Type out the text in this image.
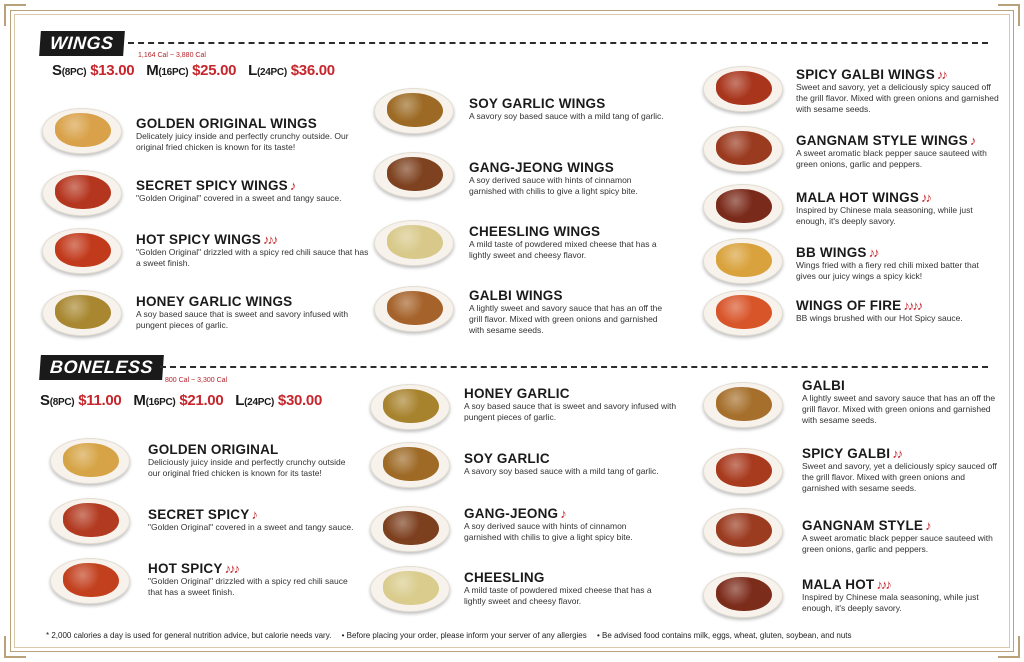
WINGS
1,164 Cal ~ 3,880 Cal
S(8PC) $13.00 M(16PC) $25.00 L(24PC) $36.00
BONELESS
800 Cal ~ 3,300 Cal
S(8PC) $11.00 M(16PC) $21.00 L(24PC) $30.00
GOLDEN ORIGINAL WINGS
Delicately juicy inside and perfectly crunchy outside. Our original fried chicken is known for its taste!
SECRET SPICY WINGS ♪
"Golden Original" covered in a sweet and tangy sauce.
HOT SPICY WINGS ♪♪♪
"Golden Original" drizzled with a spicy red chili sauce that has a sweet finish.
HONEY GARLIC WINGS
A soy based sauce that is sweet and savory infused with pungent pieces of garlic.
SOY GARLIC WINGS
A savory soy based sauce with a mild tang of garlic.
GANG-JEONG WINGS
A soy derived sauce with hints of cinnamon garnished with chilis to give a light spicy bite.
CHEESLING WINGS
A mild taste of powdered mixed cheese that has a lightly sweet and cheesy flavor.
GALBI WINGS
A lightly sweet and savory sauce that has an off the grill flavor. Mixed with green onions and garnished with sesame seeds.
SPICY GALBI WINGS ♪♪
Sweet and savory, yet a deliciously spicy sauced off the grill flavor. Mixed with green onions and garnished with sesame seeds.
GANGNAM STYLE WINGS ♪
A sweet aromatic black pepper sauce sauteed with green onions, garlic and peppers.
MALA HOT WINGS ♪♪
Inspired by Chinese mala seasoning, while just enough, it's deeply savory.
BB WINGS ♪♪
Wings fried with a fiery red chili mixed batter that gives our juicy wings a spicy kick!
WINGS OF FIRE ♪♪♪♪
BB wings brushed with our Hot Spicy sauce.
GOLDEN ORIGINAL
Deliciously juicy inside and perfectly crunchy outside our original fried chicken is known for its taste!
SECRET SPICY ♪
"Golden Original" covered in a sweet and tangy sauce.
HOT SPICY ♪♪♪
"Golden Original" drizzled with a spicy red chili sauce that has a sweet finish.
HONEY GARLIC
A soy based sauce that is sweet and savory infused with pungent pieces of garlic.
SOY GARLIC
A savory soy based sauce with a mild tang of garlic.
GANG-JEONG ♪
A soy derived sauce with hints of cinnamon garnished with chilis to give a light spicy bite.
CHEESLING
A mild taste of powdered mixed cheese that has a lightly sweet and cheesy flavor.
GALBI
A lightly sweet and savory sauce that has an off the grill flavor. Mixed with green onions and garnished with sesame seeds.
SPICY GALBI ♪♪
Sweet and savory, yet a deliciously spicy sauced off the grill flavor. Mixed with green onions and garnished with sesame seeds.
GANGNAM STYLE ♪
A sweet aromatic black pepper sauce sauteed with green onions, garlic and peppers.
MALA HOT ♪♪♪
Inspired by Chinese mala seasoning, while just enough, it's deeply savory.
* 2,000 calories a day is used for general nutrition advice, but calorie needs vary. • Before placing your order, please inform your server of any allergies • Be advised food contains milk, eggs, wheat, gluten, soybean, and nuts
